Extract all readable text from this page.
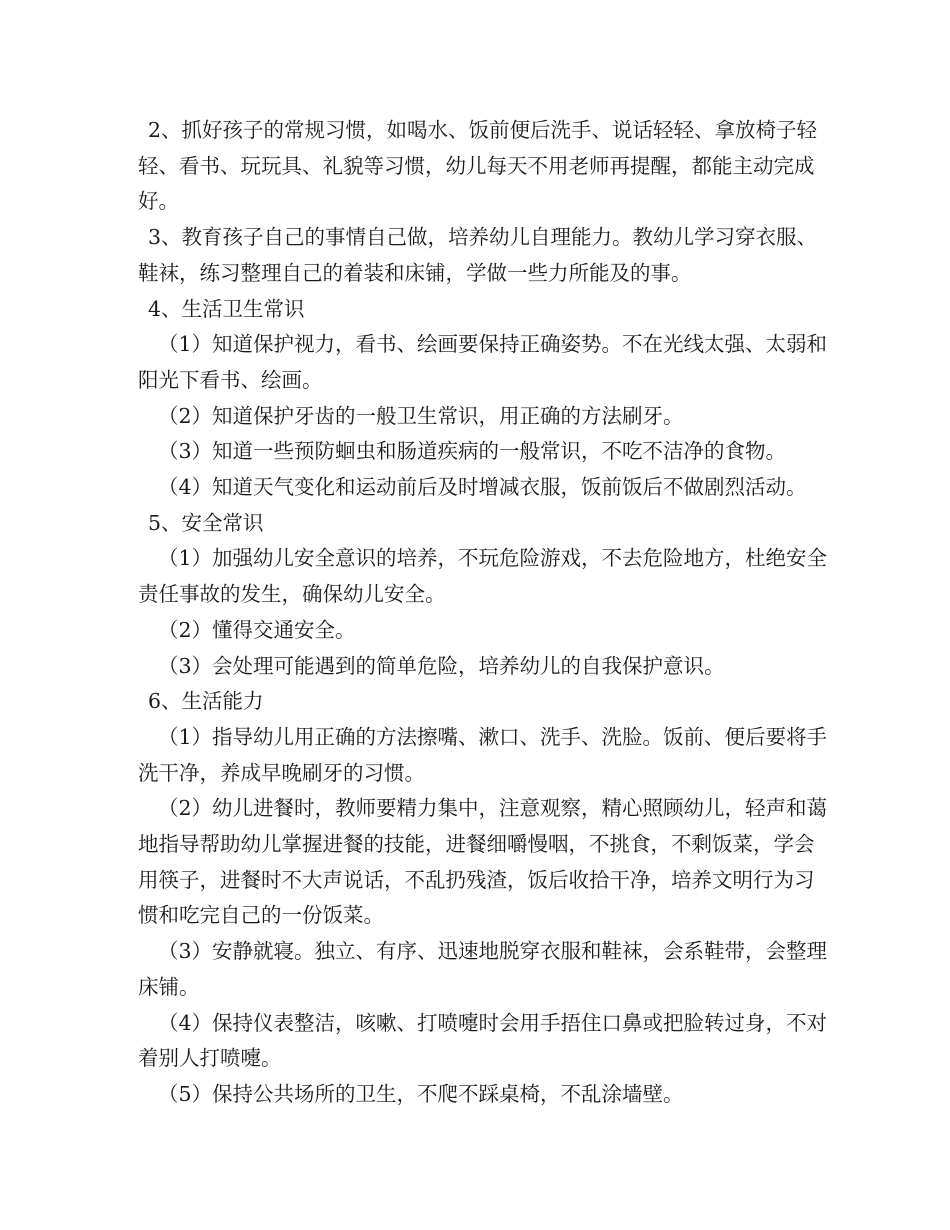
2、抓好孩子的常规习惯，如喝水、饭前便后洗手、说话轻轻、拿放椅子轻轻、看书、玩玩具、礼貌等习惯，幼儿每天不用老师再提醒，都能主动完成好。

3、教育孩子自己的事情自己做，培养幼儿自理能力。教幼儿学习穿衣服、鞋袜，练习整理自己的着装和床铺，学做一些力所能及的事。

4、生活卫生常识

（1）知道保护视力，看书、绘画要保持正确姿势。不在光线太强、太弱和阳光下看书、绘画。

（2）知道保护牙齿的一般卫生常识，用正确的方法刷牙。

（3）知道一些预防蛔虫和肠道疾病的一般常识，不吃不洁净的食物。

（4）知道天气变化和运动前后及时增减衣服，饭前饭后不做剧烈活动。

5、安全常识

（1）加强幼儿安全意识的培养，不玩危险游戏，不去危险地方，杜绝安全责任事故的发生，确保幼儿安全。

（2）懂得交通安全。

（3）会处理可能遇到的简单危险，培养幼儿的自我保护意识。

6、生活能力

（1）指导幼儿用正确的方法擦嘴、漱口、洗手、洗脸。饭前、便后要将手洗干净，养成早晚刷牙的习惯。

（2）幼儿进餐时，教师要精力集中，注意观察，精心照顾幼儿，轻声和蔼地指导帮助幼儿掌握进餐的技能，进餐细嚼慢咽，不挑食，不剩饭菜，学会用筷子，进餐时不大声说话，不乱扔残渣，饭后收拾干净，培养文明行为习惯和吃完自己的一份饭菜。

（3）安静就寝。独立、有序、迅速地脱穿衣服和鞋袜，会系鞋带，会整理床铺。

（4）保持仪表整洁，咳嗽、打喷嚏时会用手捂住口鼻或把脸转过身，不对着别人打喷嚏。

（5）保持公共场所的卫生，不爬不踩桌椅，不乱涂墙壁。
